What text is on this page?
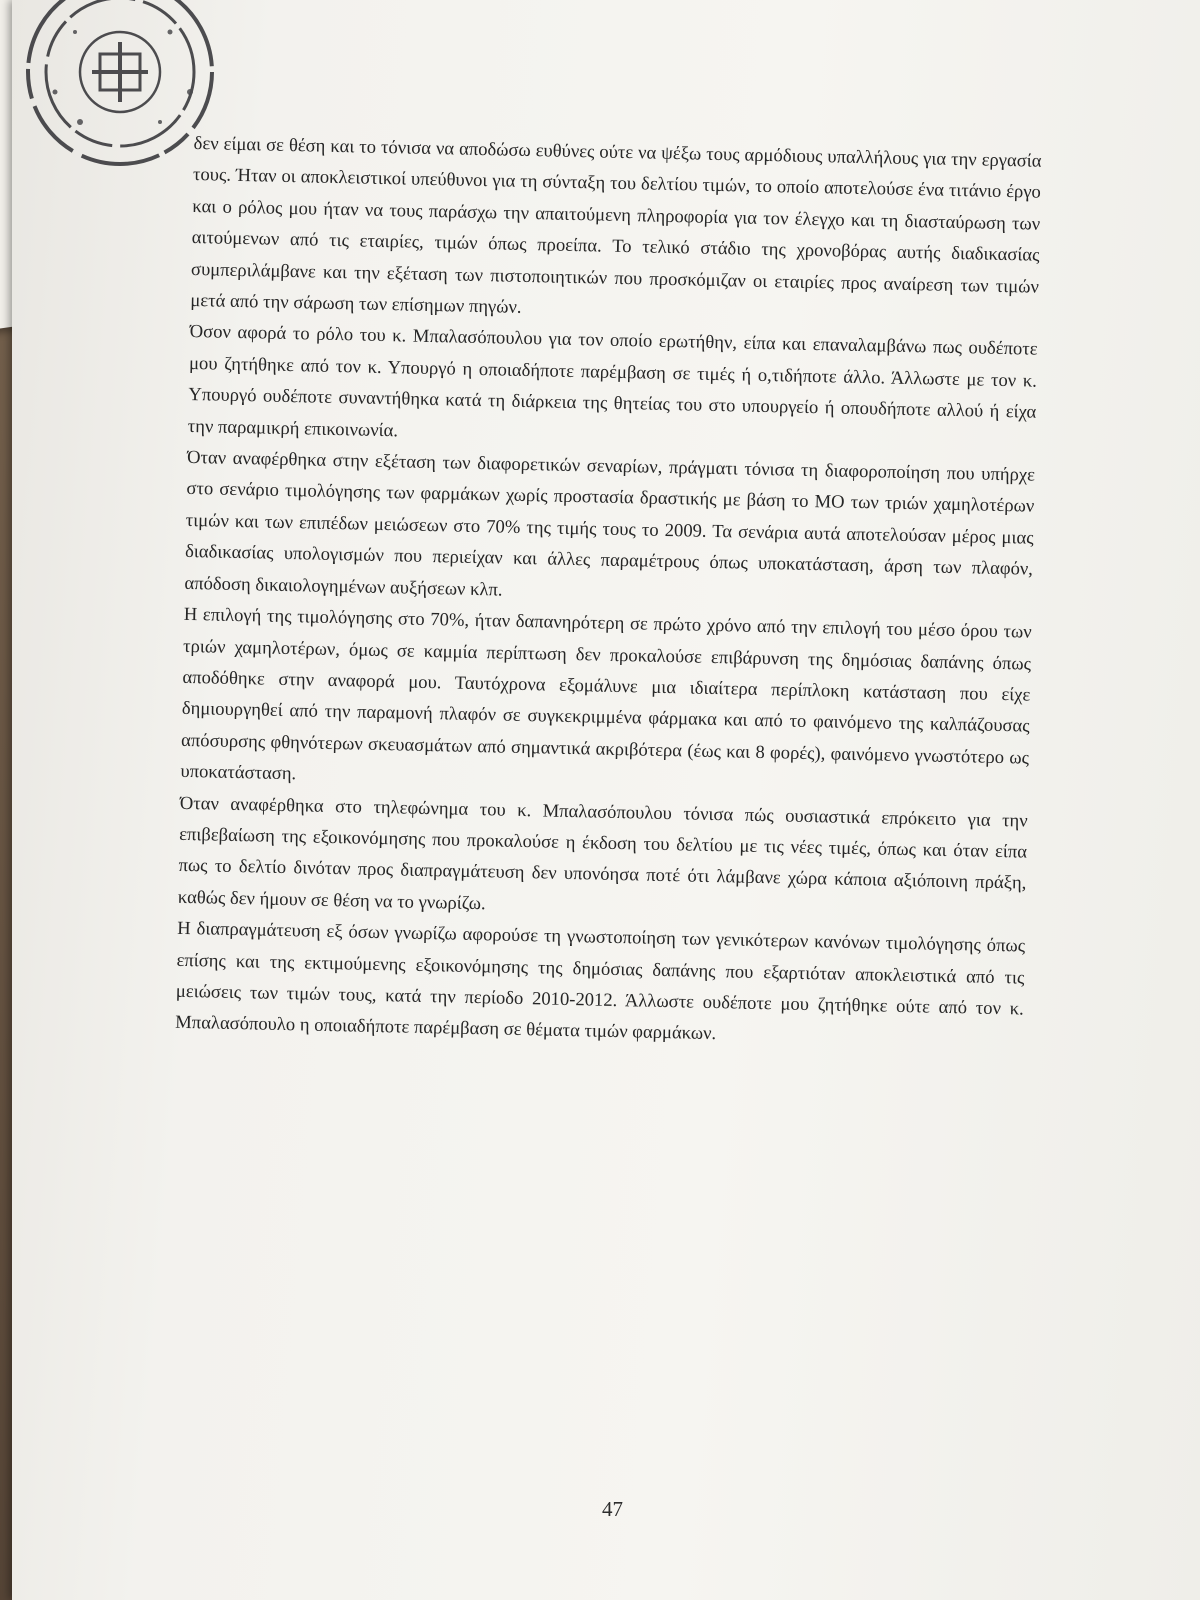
δεν είμαι σε θέση και το τόνισα να αποδώσω ευθύνες ούτε να ψέξω τους αρμόδιους υπαλλήλους για την εργασία τους. Ήταν οι αποκλειστικοί υπεύθυνοι για τη σύνταξη του δελτίου τιμών, το οποίο αποτελούσε ένα τιτάνιο έργο και ο ρόλος μου ήταν να τους παράσχω την απαιτούμενη πληροφορία για τον έλεγχο και τη διασταύρωση των αιτούμενων από τις εταιρίες, τιμών όπως προείπα. Το τελικό στάδιο της χρονοβόρας αυτής διαδικασίας συμπεριλάμβανε και την εξέταση των πιστοποιητικών που προσκόμιζαν οι εταιρίες προς αναίρεση των τιμών μετά από την σάρωση των επίσημων πηγών.

Όσον αφορά το ρόλο του κ. Μπαλασόπουλου για τον οποίο ερωτήθην, είπα και επαναλαμβάνω πως ουδέποτε μου ζητήθηκε από τον κ. Υπουργό η οποιαδήποτε παρέμβαση σε τιμές ή ο,τιδήποτε άλλο. Άλλωστε με τον κ. Υπουργό ουδέποτε συναντήθηκα κατά τη διάρκεια της θητείας του στο υπουργείο ή οπουδήποτε αλλού ή είχα την παραμικρή επικοινωνία.

Όταν αναφέρθηκα στην εξέταση των διαφορετικών σεναρίων, πράγματι τόνισα τη διαφοροποίηση που υπήρχε στο σενάριο τιμολόγησης των φαρμάκων χωρίς προστασία δραστικής με βάση το ΜΟ των τριών χαμηλοτέρων τιμών και των επιπέδων μειώσεων στο 70% της τιμής τους το 2009. Τα σενάρια αυτά αποτελούσαν μέρος μιας διαδικασίας υπολογισμών που περιείχαν και άλλες παραμέτρους όπως υποκατάσταση, άρση των πλαφόν, απόδοση δικαιολογημένων αυξήσεων κλπ.

Η επιλογή της τιμολόγησης στο 70%, ήταν δαπανηρότερη σε πρώτο χρόνο από την επιλογή του μέσο όρου των τριών χαμηλοτέρων, όμως σε καμμία περίπτωση δεν προκαλούσε επιβάρυνση της δημόσιας δαπάνης όπως αποδόθηκε στην αναφορά μου. Ταυτόχρονα εξομάλυνε μια ιδιαίτερα περίπλοκη κατάσταση που είχε δημιουργηθεί από την παραμονή πλαφόν σε συγκεκριμμένα φάρμακα και από το φαινόμενο της καλπάζουσας απόσυρσης φθηνότερων σκευασμάτων από σημαντικά ακριβότερα (έως και 8 φορές), φαινόμενο γνωστότερο ως υποκατάσταση.

Όταν αναφέρθηκα στο τηλεφώνημα του κ. Μπαλασόπουλου τόνισα πώς ουσιαστικά επρόκειτο για την επιβεβαίωση της εξοικονόμησης που προκαλούσε η έκδοση του δελτίου με τις νέες τιμές, όπως και όταν είπα πως το δελτίο δινόταν προς διαπραγμάτευση δεν υπονόησα ποτέ ότι λάμβανε χώρα κάποια αξιόποινη πράξη, καθώς δεν ήμουν σε θέση να το γνωρίζω.

Η διαπραγμάτευση εξ όσων γνωρίζω αφορούσε τη γνωστοποίηση των γενικότερων κανόνων τιμολόγησης όπως επίσης και της εκτιμούμενης εξοικονόμησης της δημόσιας δαπάνης που εξαρτιόταν αποκλειστικά από τις μειώσεις των τιμών τους, κατά την περίοδο 2010-2012. Άλλωστε ουδέποτε μου ζητήθηκε ούτε από τον κ. Μπαλασόπουλο η οποιαδήποτε παρέμβαση σε θέματα τιμών φαρμάκων.

47
